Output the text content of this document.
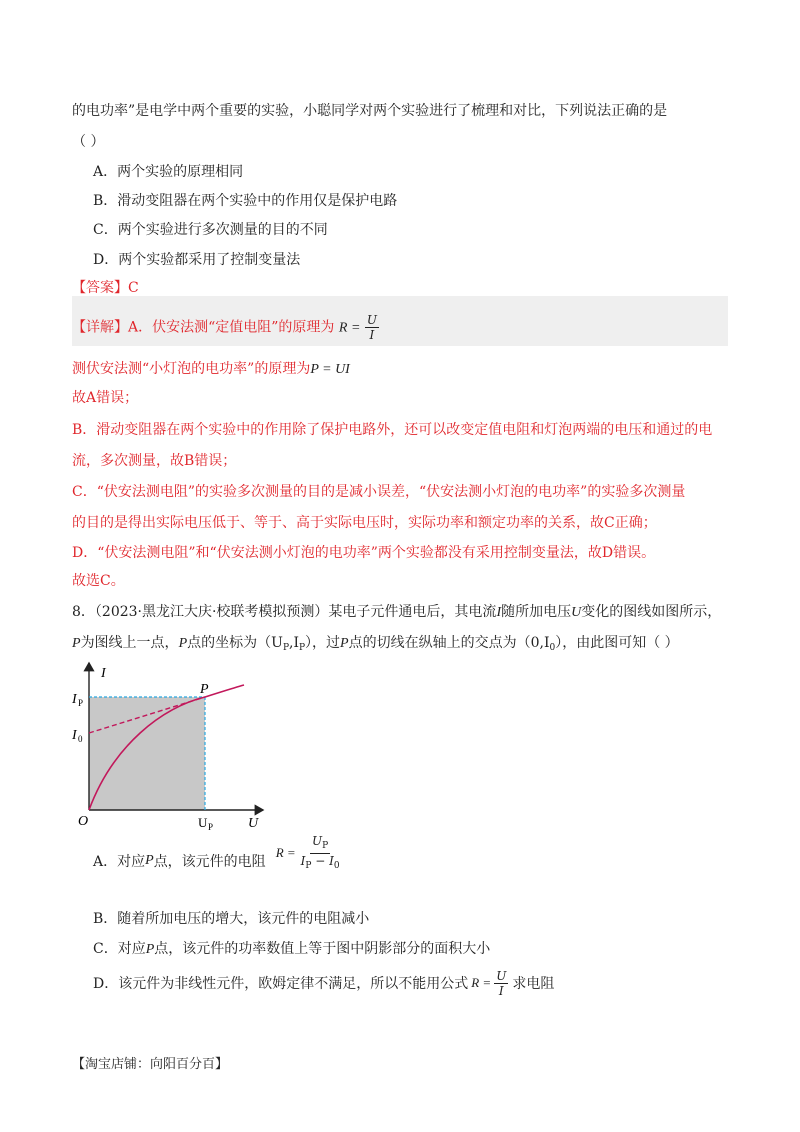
的电功率”是电学中两个重要的实验，小聪同学对两个实验进行了梳理和对比，下列说法正确的是
（ ）
A．两个实验的原理相同
B．滑动变阻器在两个实验中的作用仅是保护电路
C．两个实验进行多次测量的目的不同
D．两个实验都采用了控制变量法
【答案】C
【详解】A．伏安法测“定值电阻”的原理为 $R = \frac{U}{I}$
测伏安法测“小灯泡的电功率”的原理为P = UI
故A错误；
B．滑动变阻器在两个实验中的作用除了保护电路外，还可以改变定值电阻和灯泡两端的电压和通过的电
流，多次测量，故B错误；
C．“伏安法测电阻”的实验多次测量的目的是减小误差，“伏安法测小灯泡的电功率”的实验多次测量
的目的是得出实际电压低于、等于、高于实际电压时，实际功率和额定功率的关系，故C正确；
D．“伏安法测电阻”和“伏安法测小灯泡的电功率”两个实验都没有采用控制变量法，故D错误。
故选C。
8．（2023·黑龙江大庆·校联考模拟预测）某电子元件通电后，其电流I随所加电压U变化的图线如图所示，
P为图线上一点，P点的坐标为$(U_P,I_P)$，过P点的切线在纵轴上的交点为$(0,I_0)$，由此图可知（ ）
I
U
O
I P
I 0
P
U P
A．对应 P 点，该元件的电阻
$R = \frac{U_P}{I_P - I_0}$
B．随着所加电压的增大，该元件的电阻减小
C．对应P点，该元件的功率数值上等于图中阴影部分的面积大小
D．该元件为非线性元件，欧姆定律不满足，所以不能用公式 $R = \frac{U}{I}$ 求电阻
【淘宝店铺：向阳百分百】
